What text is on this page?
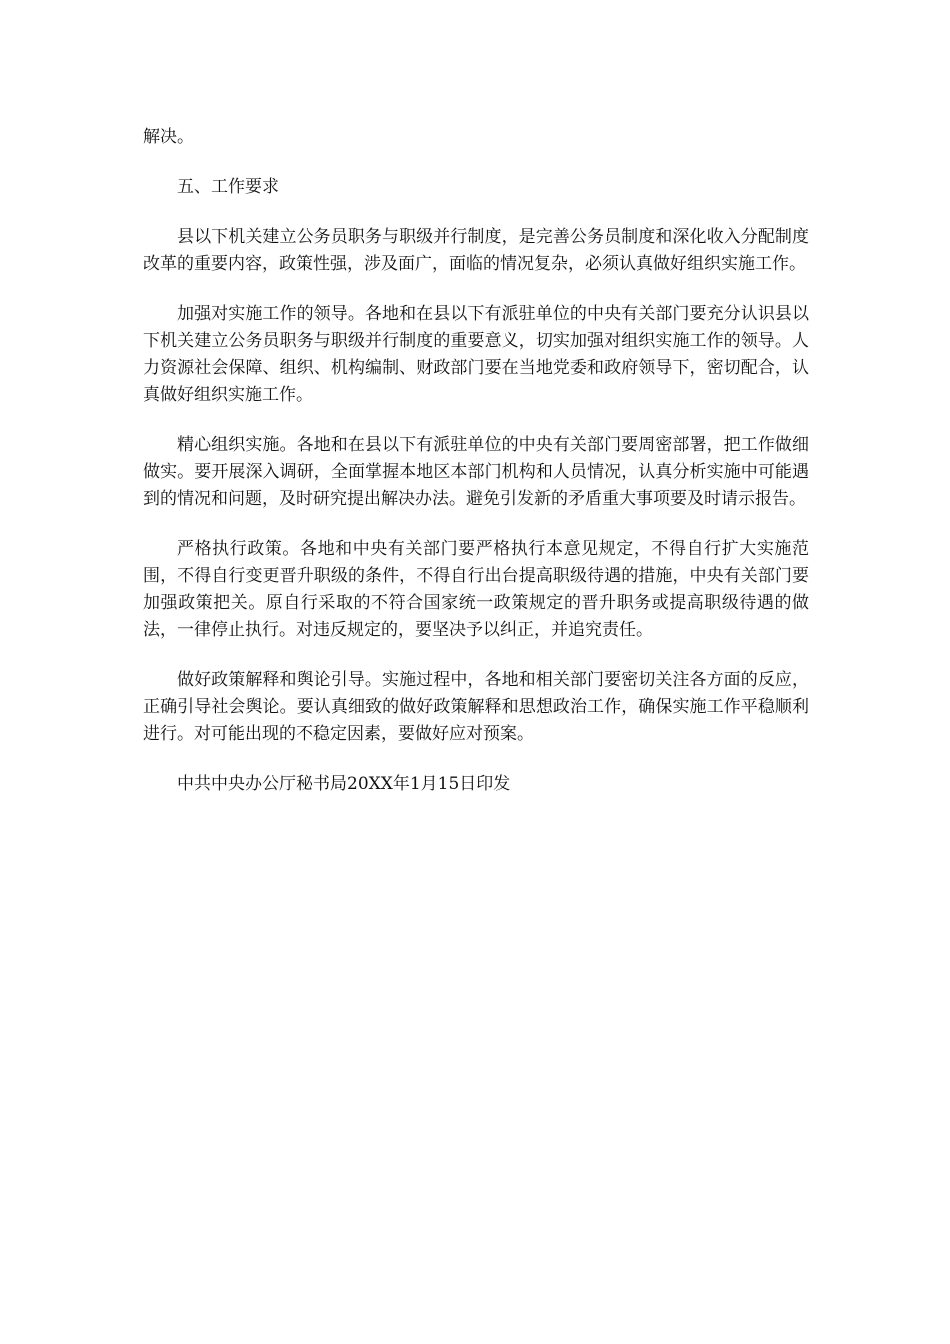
解决。

五、工作要求

县以下机关建立公务员职务与职级并行制度，是完善公务员制度和深化收入分配制度改革的重要内容，政策性强，涉及面广，面临的情况复杂，必须认真做好组织实施工作。

加强对实施工作的领导。各地和在县以下有派驻单位的中央有关部门要充分认识县以下机关建立公务员职务与职级并行制度的重要意义，切实加强对组织实施工作的领导。人力资源社会保障、组织、机构编制、财政部门要在当地党委和政府领导下，密切配合，认真做好组织实施工作。

精心组织实施。各地和在县以下有派驻单位的中央有关部门要周密部署，把工作做细做实。要开展深入调研，全面掌握本地区本部门机构和人员情况，认真分析实施中可能遇到的情况和问题，及时研究提出解决办法。避免引发新的矛盾重大事项要及时请示报告。

严格执行政策。各地和中央有关部门要严格执行本意见规定，不得自行扩大实施范围，不得自行变更晋升职级的条件，不得自行出台提高职级待遇的措施，中央有关部门要加强政策把关。原自行采取的不符合国家统一政策规定的晋升职务或提高职级待遇的做法，一律停止执行。对违反规定的，要坚决予以纠正，并追究责任。

做好政策解释和舆论引导。实施过程中，各地和相关部门要密切关注各方面的反应，正确引导社会舆论。要认真细致的做好政策解释和思想政治工作，确保实施工作平稳顺利进行。对可能出现的不稳定因素，要做好应对预案。

中共中央办公厅秘书局20XX年1月15日印发
